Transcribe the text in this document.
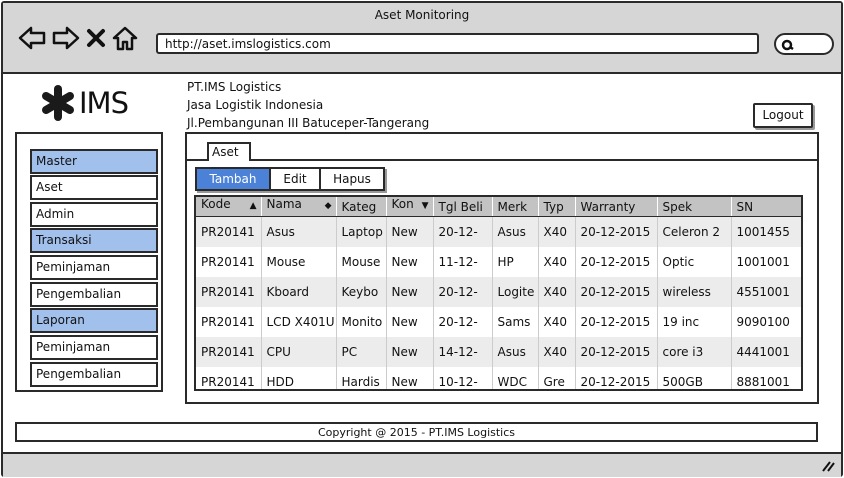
Aset Monitoring
http://aset.imslogistics.com
IMS	PT.IMS Logistics
Jasa Logistik Indonesia
Jl.Pembangunan III Batuceper-Tangerang
Logout
Master
Aset
Admin
Transaksi
Peminjaman
Pengembalian
Laporan
Peminjaman
Pengembalian
Aset
Tambah	Edit	Hapus
Kode ▲	Nama ◆	Kateg	Kon ▼	Tgl Beli	Merk	Typ	Warranty	Spek	SN
PR20141	Asus	Laptop	New	20-12-	Asus	X40	20-12-2015	Celeron 2	1001455
PR20141	Mouse	Mouse	New	11-12-	HP	X40	20-12-2015	Optic	1001001
PR20141	Kboard	Keybo	New	20-12-	Logite	X40	20-12-2015	wireless	4551001
PR20141	LCD X401U	Monito	New	20-12-	Sams	X40	20-12-2015	19 inc	9090100
PR20141	CPU	PC	New	14-12-	Asus	X40	20-12-2015	core i3	4441001
PR20141	HDD	Hardis	New	10-12-	WDC	Gre	20-12-2015	500GB	8881001
Copyright @ 2015 - PT.IMS Logistics
